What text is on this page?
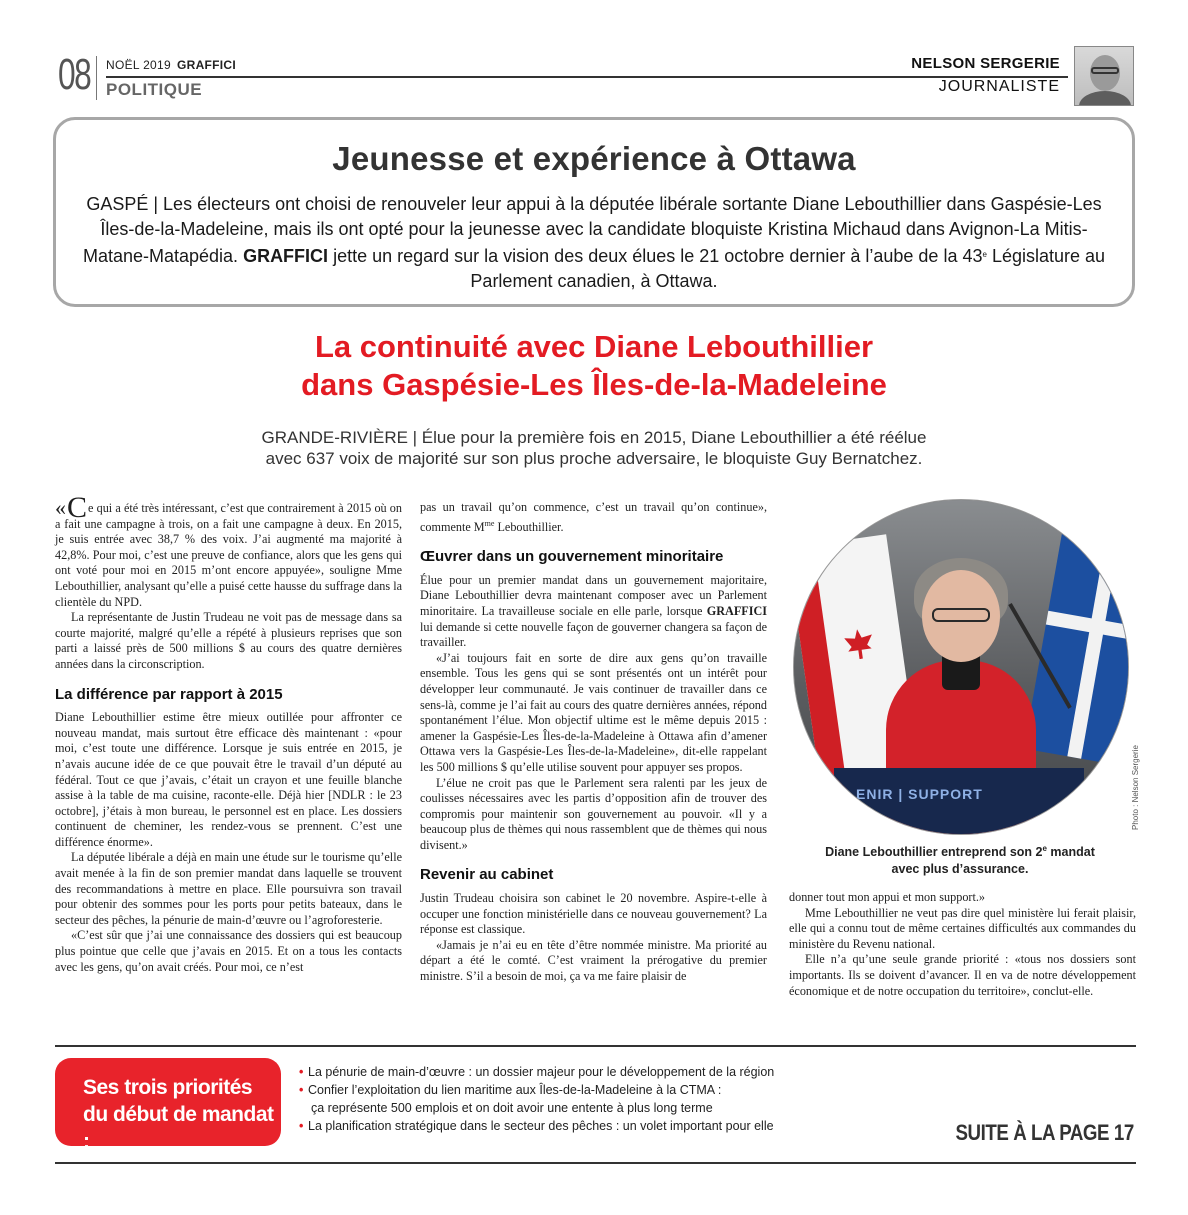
08 NOËL 2019 GRAFFICI
POLITIQUE
NELSON SERGERIE
JOURNALISTE
Jeunesse et expérience à Ottawa
GASPÉ | Les électeurs ont choisi de renouveler leur appui à la députée libérale sortante Diane Lebouthillier dans Gaspésie-Les Îles-de-la-Madeleine, mais ils ont opté pour la jeunesse avec la candidate bloquiste Kristina Michaud dans Avignon-La Mitis-Matane-Matapédia. GRAFFICI jette un regard sur la vision des deux élues le 21 octobre dernier à l’aube de la 43e Législature au Parlement canadien, à Ottawa.
La continuité avec Diane Lebouthillier
dans Gaspésie-Les Îles-de-la-Madeleine
GRANDE-RIVIÈRE | Élue pour la première fois en 2015, Diane Lebouthillier a été réélue
avec 637 voix de majorité sur son plus proche adversaire, le bloquiste Guy Bernatchez.

«Ce qui a été très intéressant, c’est que contrairement à 2015 où on a fait une campagne à trois, on a fait une campagne à deux. En 2015, je suis entrée avec 38,7 % des voix. J’ai augmenté ma majorité à 42,8%. Pour moi, c’est une preuve de confiance, alors que les gens qui ont voté pour moi en 2015 m’ont encore appuyée», souligne Mme Lebouthillier, analysant qu’elle a puisé cette hausse du suffrage dans la clientèle du NPD.

La représentante de Justin Trudeau ne voit pas de message dans sa courte majorité, malgré qu’elle a répété à plusieurs reprises que son parti a laissé près de 500 millions $ au cours des quatre dernières années dans la circonscription.

La différence par rapport à 2015

Diane Lebouthillier estime être mieux outillée pour affronter ce nouveau mandat, mais surtout être efficace dès maintenant : «pour moi, c’est toute une différence. Lorsque je suis entrée en 2015, je n’avais aucune idée de ce que pouvait être le travail d’un député au fédéral. Tout ce que j’avais, c’était un crayon et une feuille blanche assise à la table de ma cuisine, raconte-elle. Déjà hier [NDLR : le 23 octobre], j’étais à mon bureau, le personnel est en place. Les dossiers continuent de cheminer, les rendez-vous se prennent. C’est une différence énorme».

La députée libérale a déjà en main une étude sur le tourisme qu’elle avait menée à la fin de son premier mandat dans laquelle se trouvent des recommandations à mettre en place. Elle poursuivra son travail pour obtenir des sommes pour les ports pour petits bateaux, dans le secteur des pêches, la pénurie de main-d’œuvre ou l’agroforesterie.

«C’est sûr que j’ai une connaissance des dossiers qui est beaucoup plus pointue que celle que j’avais en 2015. Et on a tous les contacts avec les gens, qu’on avait créés. Pour moi, ce n’est

pas un travail qu’on commence, c’est un travail qu’on continue», commente $M^{me}$ Lebouthillier.

Œuvrer dans un gouvernement minoritaire

Élue pour un premier mandat dans un gouvernement majoritaire, Diane Lebouthillier devra maintenant composer avec un Parlement minoritaire. La travailleuse sociale en elle parle, lorsque GRAFFICI lui demande si cette nouvelle façon de gouverner changera sa façon de travailler.

«J’ai toujours fait en sorte de dire aux gens qu’on travaille ensemble. Tous les gens qui se sont présentés ont un intérêt pour développer leur communauté. Je vais continuer de travailler dans ce sens-là, comme je l’ai fait au cours des quatre dernières années, répond spontanément l’élue. Mon objectif ultime est le même depuis 2015 : amener la Gaspésie-Les Îles-de-la-Madeleine à Ottawa afin d’amener Ottawa vers la Gaspésie-Les Îles-de-la-Madeleine», dit-elle rappelant les 500 millions $ qu’elle utilise souvent pour appuyer ses propos.

L’élue ne croit pas que le Parlement sera ralenti par les jeux de coulisses nécessaires avec les partis d’opposition afin de trouver des compromis pour maintenir son gouvernement au pouvoir. «Il y a beaucoup plus de thèmes qui nous rassemblent que de thèmes qui nous divisent.»

Revenir au cabinet

Justin Trudeau choisira son cabinet le 20 novembre. Aspire-t-elle à occuper une fonction ministérielle dans ce nouveau gouvernement? La réponse est classique.

«Jamais je n’ai eu en tête d’être nommée ministre. Ma priorité au départ a été le comté. C’est vraiment la prérogative du premier ministre. S’il a besoin de moi, ça va me faire plaisir de

ENIR | SUPPORT	Photo : Nelson Sergerie
Diane Lebouthillier entreprend son 2e mandat
avec plus d’assurance.

donner tout mon appui et mon support.»

Mme Lebouthillier ne veut pas dire quel ministère lui ferait plaisir, elle qui a connu tout de même certaines difficultés aux commandes du ministère du Revenu national.

Elle n’a qu’une seule grande priorité : «tous nos dossiers sont importants. Ils se doivent d’avancer. Il en va de notre développement économique et de notre occupation du territoire», conclut-elle.

Ses trois priorités
du début de mandat :
• La pénurie de main-d’œuvre : un dossier majeur pour le développement de la région
• Confier l’exploitation du lien maritime aux Îles-de-la-Madeleine à la CTMA :
ça représente 500 emplois et on doit avoir une entente à plus long terme
• La planification stratégique dans le secteur des pêches : un volet important pour elle	SUITE À LA PAGE 17
